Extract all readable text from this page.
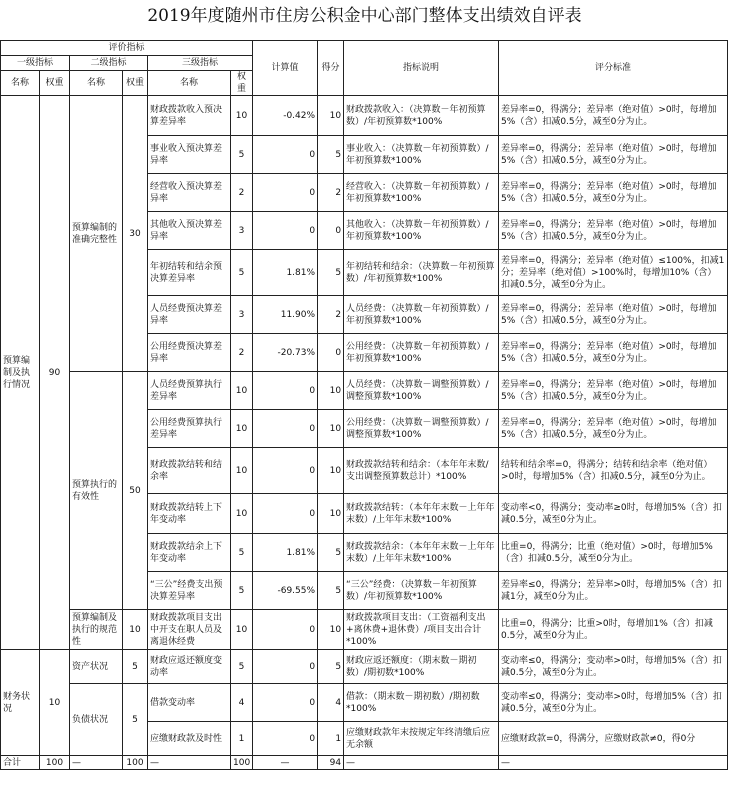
2019年度随州市住房公积金中心部门整体支出绩效自评表
评价指标						计算值	得分	指标说明	评分标准
一级指标		二级指标		三级指标					
名称	权重	名称	权重	名称	权重				
预算编制及执行情况	90	预算编制的准确完整性	30	财政拨款收入预决算差异率	10	-0.42%	10	财政拨款收入：（决算数－年初预算数）/年初预算数*100%	差异率=0，得满分；差异率（绝对值）>0时，每增加5%（含）扣减0.5分，减至0分为止。
				事业收入预决算差异率	5	0	5	事业收入：（决算数－年初预算数）/年初预算数*100%	差异率=0，得满分；差异率（绝对值）>0时，每增加5%（含）扣减0.5分，减至0分为止。
				经营收入预决算差异率	2	0	2	经营收入：（决算数－年初预算数）/年初预算数*100%	差异率=0，得满分；差异率（绝对值）>0时，每增加5%（含）扣减0.5分，减至0分为止。
				其他收入预决算差异率	3	0	0	其他收入：（决算数－年初预算数）/年初预算数*100%	差异率=0，得满分；差异率（绝对值）>0时，每增加5%（含）扣减0.5分，减至0分为止。
				年初结转和结余预决算差异率	5	1.81%	5	年初结转和结余：（决算数－年初预算数）/年初预算数*100%	差异率=0，得满分；差异率（绝对值）≤100%，扣减1分；差异率（绝对值）>100%时，每增加10%（含）扣减0.5分，减至0分为止。
				人员经费预决算差异率	3	11.90%	2	人员经费：（决算数－年初预算数）/年初预算数*100%	差异率=0，得满分；差异率（绝对值）>0时，每增加5%（含）扣减0.5分，减至0分为止。
				公用经费预决算差异率	2	-20.73%	0	公用经费：（决算数－年初预算数）/年初预算数*100%	差异率=0，得满分；差异率（绝对值）>0时，每增加5%（含）扣减0.5分，减至0分为止。
		预算执行的有效性	50	人员经费预算执行差异率	10	0	10	人员经费：（决算数－调整预算数）/调整预算数*100%	差异率=0，得满分；差异率（绝对值）>0时，每增加5%（含）扣减0.5分，减至0分为止。
				公用经费预算执行差异率	10	0	10	公用经费：（决算数－调整预算数）/调整预算数*100%	差异率=0，得满分；差异率（绝对值）>0时，每增加5%（含）扣减0.5分，减至0分为止。
				财政拨款结转和结余率	10	0	10	财政拨款结转和结余：（本年年末数/支出调整预算数总计）*100%	结转和结余率=0，得满分；结转和结余率（绝对值）>0时，每增加5%（含）扣减0.5分，减至0分为止。
				财政拨款结转上下年变动率	10	0	10	财政拨款结转：（本年年末数－上年年末数）/上年年末数*100%	变动率<0，得满分；变动率≥0时，每增加5%（含）扣减0.5分，减至0分为止。
				财政拨款结余上下年变动率	5	1.81%	5	财政拨款结余：（本年年末数－上年年末数）/上年年末数*100%	比重=0，得满分；比重（绝对值）>0时，每增加5%（含）扣减0.5分，减至0分为止。
				“三公”经费支出预决算差异率	5	-69.55%	5	“三公”经费：（决算数－年初预算数）/年初预算数*100%	差异率≤0，得满分；差异率>0时，每增加5%（含）扣减1分，减至0分为止。
		预算编制及执行的规范性	10	财政拨款项目支出中开支在职人员及离退休经费	10	0	10	财政拨款项目支出：（工资福利支出+离休费+退休费）/项目支出合计*100%	比重=0，得满分；比重>0时，每增加1%（含）扣减0.5分，减至0分为止。
财务状况	10	资产状况	5	财政应返还额度变动率	5	0	5	财政应返还额度：（期末数－期初数）/期初数*100%	变动率≤0，得满分；变动率>0时，每增加5%（含）扣减0.5分，减至0分为止。
		负债状况	5	借款变动率	4	0	4	借款：（期末数－期初数）/期初数*100%	变动率≤0，得满分；变动率>0时，每增加5%（含）扣减0.5分，减至0分为止。
				应缴财政款及时性	1	0	1	应缴财政款年末按规定年终清缴后应无余额	应缴财政款=0，得满分，应缴财政款≠0，得0分
合计	100	—	100	—	100	—	94	—	—
